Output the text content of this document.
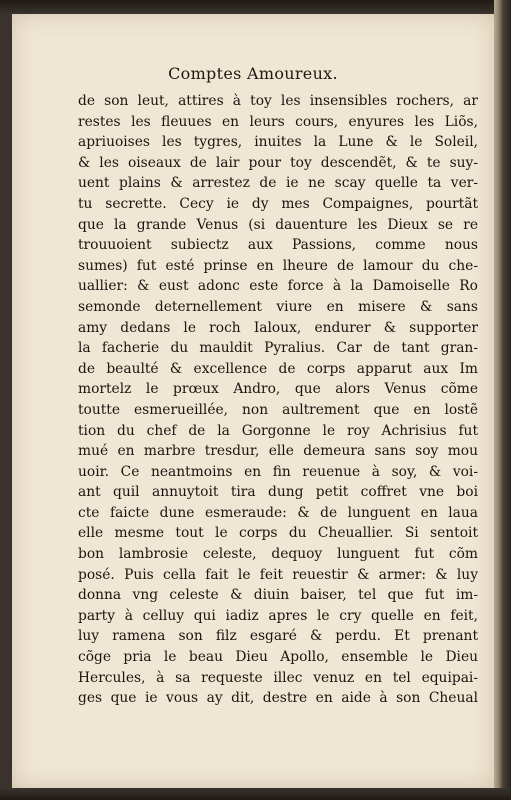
Comptes Amoureux.
de son leut, attires à toy les insensibles rochers, ar
restes les fleuues en leurs cours, enyures les Liõs,
apriuoises les tygres, inuites la Lune & le Soleil,
& les oiseaux de lair pour toy descendẽt, & te suy-
uent plains & arrestez de ie ne scay quelle ta ver-
tu secrette. Cecy ie dy mes Compaignes, pourtãt
que la grande Venus (si dauenture les Dieux se re
trouuoient subiectz aux Passions, comme nous
sumes) fut esté prinse en lheure de lamour du che-
uallier: & eust adonc este force à la Damoiselle Ro
semonde deternellement viure en misere & sans
amy dedans le roch Ialoux, endurer & supporter
la facherie du mauldit Pyralius. Car de tant gran-
de beaulté & excellence de corps apparut aux Im
mortelz le prœux Andro, que alors Venus cõme
toutte esmerueillée, non aultrement que en lostẽ
tion du chef de la Gorgonne le roy Achrisius fut
mué en marbre tresdur, elle demeura sans soy mou
uoir. Ce neantmoins en fin reuenue à soy, & voi-
ant quil annuytoit tira dung petit coffret vne boi
cte faicte dune esmeraude: & de lunguent en laua
elle mesme tout le corps du Cheuallier. Si sentoit
bon lambrosie celeste, dequoy lunguent fut cõm
posé. Puis cella fait le feit reuestir & armer: & luy
donna vng celeste & diuin baiser, tel que fut im-
party à celluy qui iadiz apres le cry quelle en feit,
luy ramena son filz esgaré & perdu. Et prenant
cõge pria le beau Dieu Apollo, ensemble le Dieu
Hercules, à sa requeste illec venuz en tel equipai-
ges que ie vous ay dit, destre en aide à son Cheual
